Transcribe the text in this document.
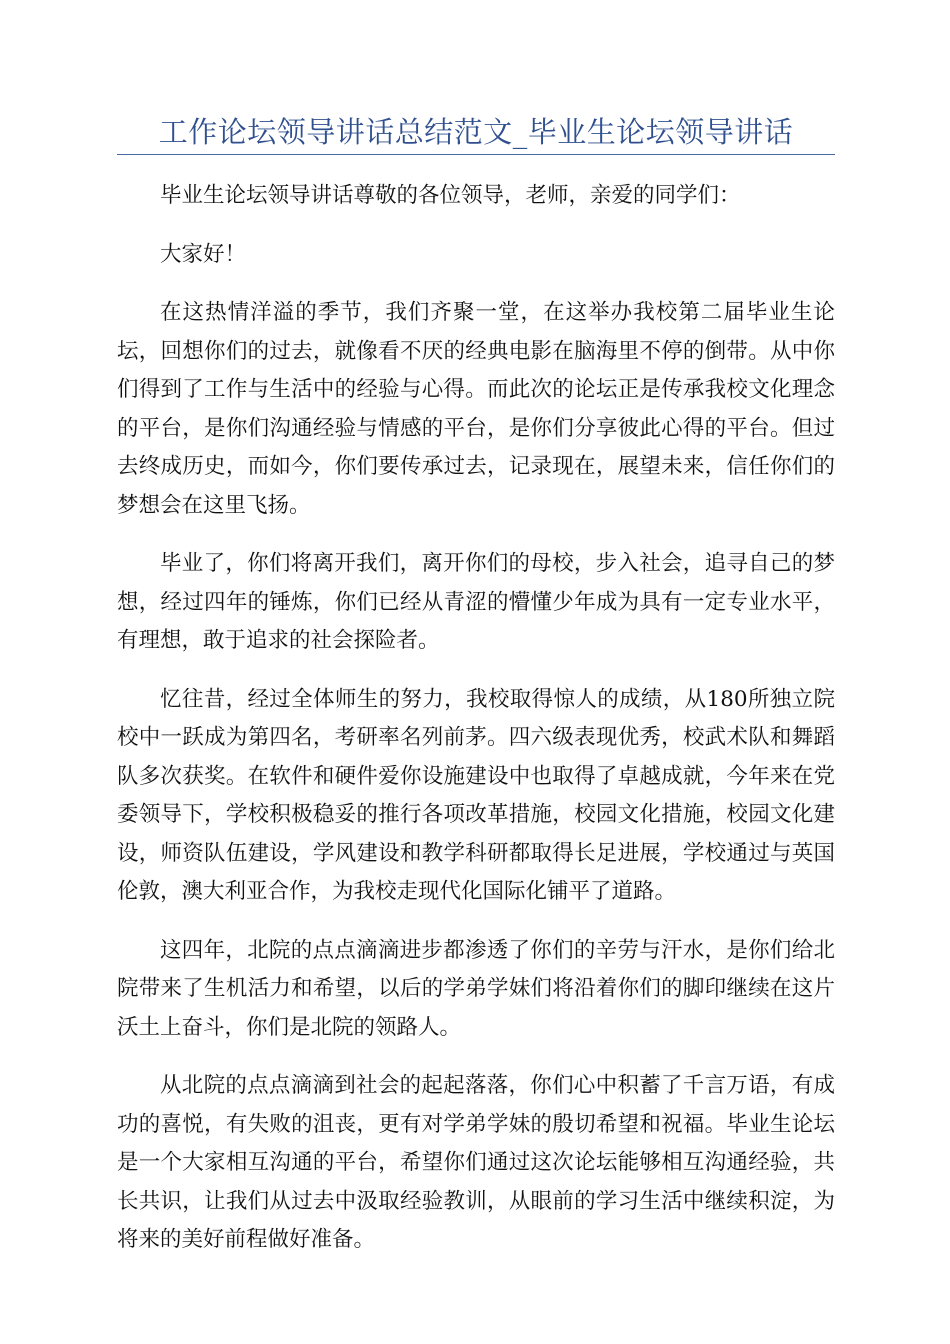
工作论坛领导讲话总结范文_毕业生论坛领导讲话

毕业生论坛领导讲话尊敬的各位领导，老师，亲爱的同学们：

大家好！

在这热情洋溢的季节，我们齐聚一堂，在这举办我校第二届毕业生论坛，回想你们的过去，就像看不厌的经典电影在脑海里不停的倒带。从中你们得到了工作与生活中的经验与心得。而此次的论坛正是传承我校文化理念的平台，是你们沟通经验与情感的平台，是你们分享彼此心得的平台。但过去终成历史，而如今，你们要传承过去，记录现在，展望未来，信任你们的梦想会在这里飞扬。

毕业了，你们将离开我们，离开你们的母校，步入社会，追寻自己的梦想，经过四年的锤炼，你们已经从青涩的懵懂少年成为具有一定专业水平，有理想，敢于追求的社会探险者。

忆往昔，经过全体师生的努力，我校取得惊人的成绩，从180所独立院校中一跃成为第四名，考研率名列前茅。四六级表现优秀，校武术队和舞蹈队多次获奖。在软件和硬件爱你设施建设中也取得了卓越成就，今年来在党委领导下，学校积极稳妥的推行各项改革措施，校园文化措施，校园文化建设，师资队伍建设，学风建设和教学科研都取得长足进展，学校通过与英国伦敦，澳大利亚合作，为我校走现代化国际化铺平了道路。

这四年，北院的点点滴滴进步都渗透了你们的辛劳与汗水，是你们给北院带来了生机活力和希望，以后的学弟学妹们将沿着你们的脚印继续在这片沃土上奋斗，你们是北院的领路人。

从北院的点点滴滴到社会的起起落落，你们心中积蓄了千言万语，有成功的喜悦，有失败的沮丧，更有对学弟学妹的殷切希望和祝福。毕业生论坛是一个大家相互沟通的平台，希望你们通过这次论坛能够相互沟通经验，共长共识，让我们从过去中汲取经验教训，从眼前的学习生活中继续积淀，为将来的美好前程做好准备。
